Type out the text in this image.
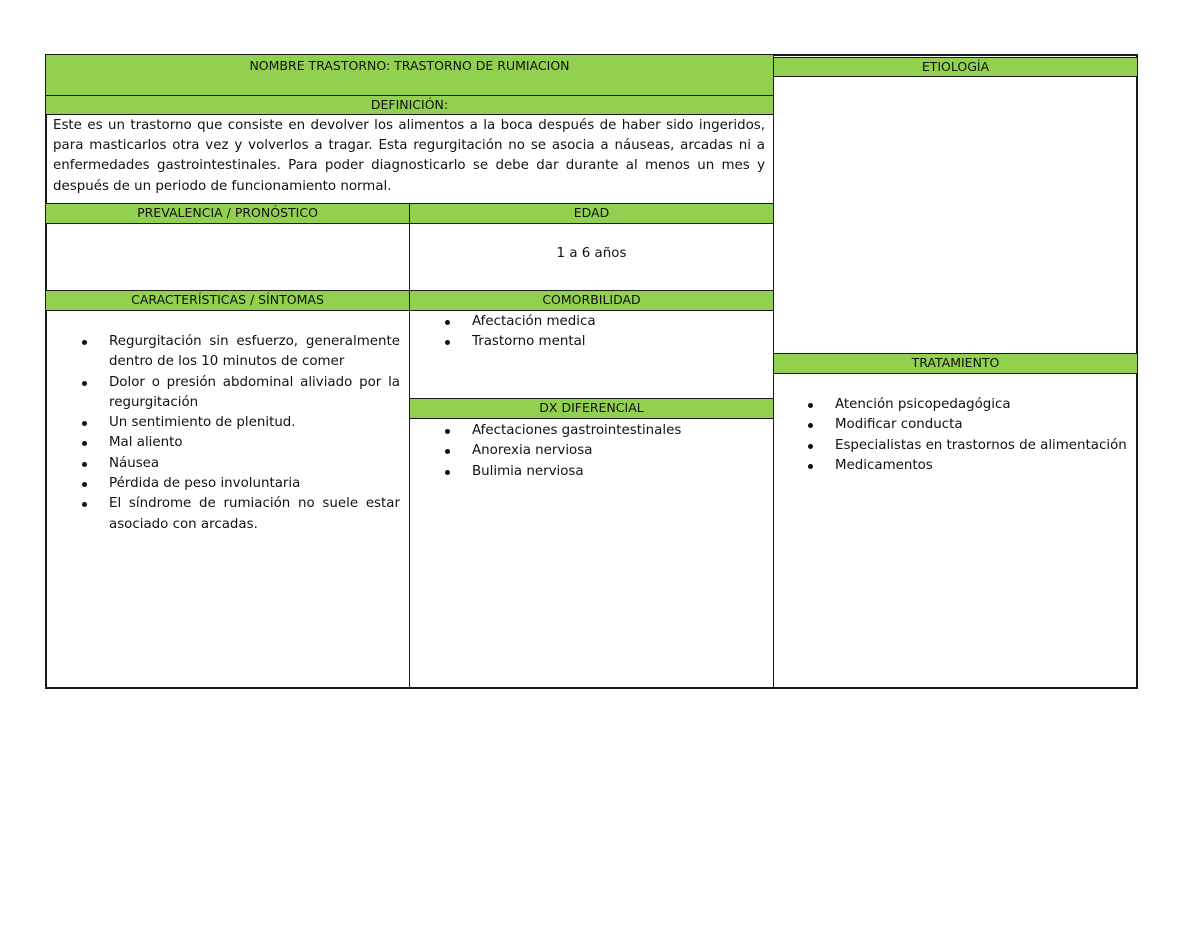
NOMBRE TRASTORNO: TRASTORNO DE RUMIACION
DEFINICIÓN:
Este es un trastorno que consiste en devolver los alimentos a la boca después de haber sido ingeridos, para masticarlos otra vez y volverlos a tragar. Esta regurgitación no se asocia a náuseas, arcadas ni a enfermedades gastrointestinales. Para poder diagnosticarlo se debe dar durante al menos un mes y después de un periodo de funcionamiento normal.
ETIOLOGÍA
PREVALENCIA / PRONÓSTICO	EDAD
1 a 6 años
CARACTERÍSTICAS / SÍNTOMAS	COMORBILIDAD
Regurgitación sin esfuerzo, generalmente dentro de los 10 minutos de comer
Dolor o presión abdominal aliviado por la regurgitación
Un sentimiento de plenitud.
Mal aliento
Náusea
Pérdida de peso involuntaria
El síndrome de rumiación no suele estar asociado con arcadas.
Afectación medica
Trastorno mental
DX DIFERENCIAL
Afectaciones gastrointestinales
Anorexia nerviosa
Bulimia nerviosa
TRATAMIENTO
Atención psicopedagógica
Modificar conducta
Especialistas en trastornos de alimentación
Medicamentos
